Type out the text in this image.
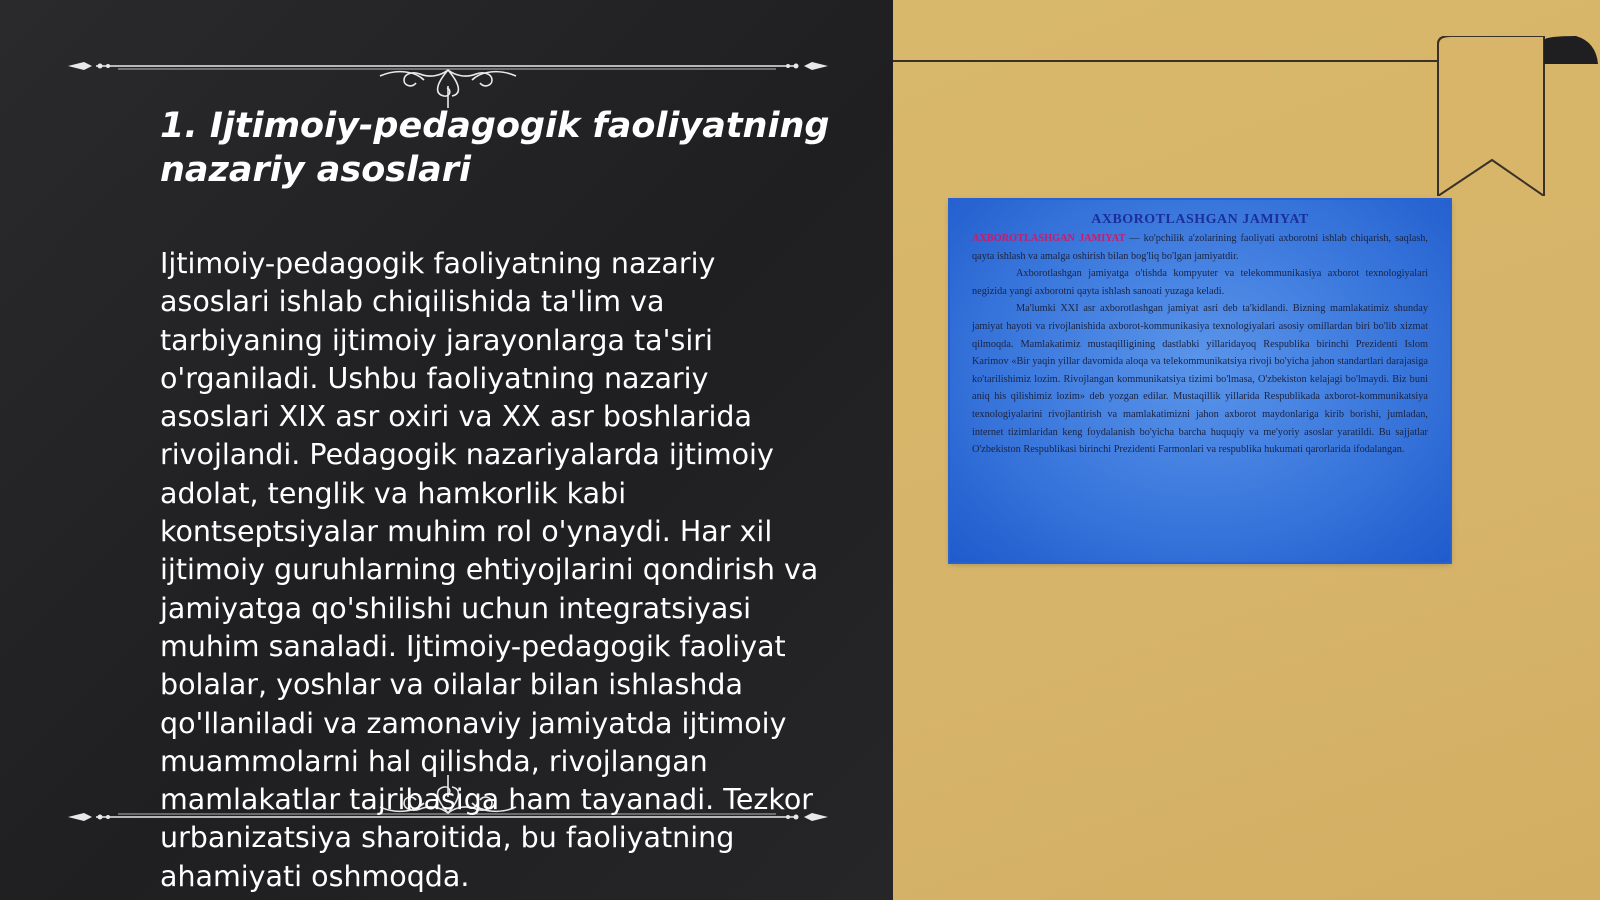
1. Ijtimoiy-pedagogik faoliyatning nazariy asoslari

Ijtimoiy-pedagogik faoliyatning nazariy asoslari ishlab chiqilishida ta'lim va tarbiyaning ijtimoiy jarayonlarga ta'siri o'rganiladi. Ushbu faoliyatning nazariy asoslari XIX asr oxiri va XX asr boshlarida rivojlandi. Pedagogik nazariyalarda ijtimoiy adolat, tenglik va hamkorlik kabi kontseptsiyalar muhim rol o'ynaydi. Har xil ijtimoiy guruhlarning ehtiyojlarini qondirish va jamiyatga qo'shilishi uchun integratsiyasi muhim sanaladi. Ijtimoiy-pedagogik faoliyat bolalar, yoshlar va oilalar bilan ishlashda qo'llaniladi va zamonaviy jamiyatda ijtimoiy muammolarni hal qilishda, rivojlangan mamlakatlar tajribasiga ham tayanadi. Tezkor urbanizatsiya sharoitida, bu faoliyatning ahamiyati oshmoqda.

AXBOROTLASHGAN JAMIYAT

AXBOROTLASHGAN JAMIYAT — ko'pchilik a'zolarining faoliyati axborotni ishlab chiqarish, saqlash, qayta ishlash va amalga oshirish bilan bog'liq bo'lgan jamiyatdir.

Axborotlashgan jamiyatga o'tishda kompyuter va telekommunikasiya axborot texnologiyalari negizida yangi axborotni qayta ishlash sanoati yuzaga keladi.

Ma'lumki XXI asr axborotlashgan jamiyat asri deb ta'kidlandi. Bizning mamlakatimiz shunday jamiyat hayoti va rivojlanishida axborot-kommunikasiya texnologiyalari asosiy omillardan biri bo'lib xizmat qilmoqda. Mamlakatimiz mustaqilligining dastlabki yillaridayoq Respublika birinchi Prezidenti Islom Karimov «Bir yaqin yillar davomida aloqa va telekommunikatsiya rivoji bo'yicha jahon standartlari darajasiga ko'tarilishimiz lozim. Rivojlangan kommunikatsiya tizimi bo'lmasa, O'zbekiston kelajagi bo'lmaydi. Biz buni aniq his qilishimiz lozim» deb yozgan edilar. Mustaqillik yillarida Respublikada axborot-kommunikatsiya texnologiyalarini rivojlantirish va mamlakatimizni jahon axborot maydonlariga kirib borishi, jumladan, internet tizimlaridan keng foydalanish bo'yicha barcha huquqiy va me'yoriy asoslar yaratildi. Bu sajjatlar O'zbekiston Respublikasi birinchi Prezidenti Farmonlari va respublika hukumati qarorlarida ifodalangan.
